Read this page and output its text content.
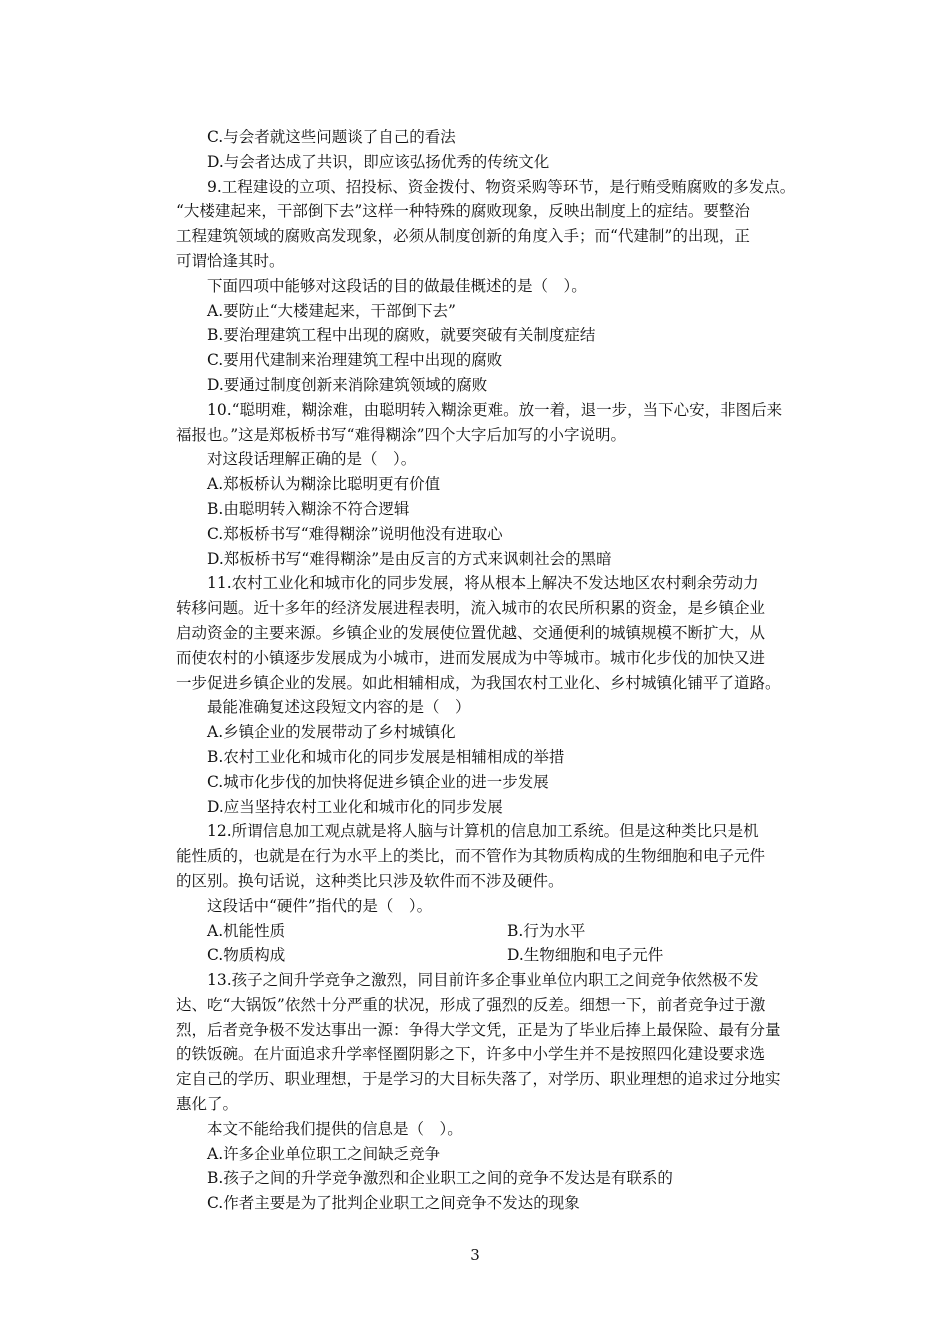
C.与会者就这些问题谈了自己的看法
D.与会者达成了共识，即应该弘扬优秀的传统文化
9.工程建设的立项、招投标、资金拨付、物资采购等环节，是行贿受贿腐败的多发点。
“大楼建起来，干部倒下去”这样一种特殊的腐败现象，反映出制度上的症结。要整治
工程建筑领域的腐败高发现象，必须从制度创新的角度入手；而“代建制”的出现，正
可谓恰逢其时。
下面四项中能够对这段话的目的做最佳概述的是（　）。
A.要防止“大楼建起来，干部倒下去”
B.要治理建筑工程中出现的腐败，就要突破有关制度症结
C.要用代建制来治理建筑工程中出现的腐败
D.要通过制度创新来消除建筑领域的腐败
10.“聪明难，糊涂难，由聪明转入糊涂更难。放一着，退一步，当下心安，非图后来
福报也。”这是郑板桥书写“难得糊涂”四个大字后加写的小字说明。
对这段话理解正确的是（　）。
A.郑板桥认为糊涂比聪明更有价值
B.由聪明转入糊涂不符合逻辑
C.郑板桥书写“难得糊涂”说明他没有进取心
D.郑板桥书写“难得糊涂”是由反言的方式来讽刺社会的黑暗
11.农村工业化和城市化的同步发展，将从根本上解决不发达地区农村剩余劳动力
转移问题。近十多年的经济发展进程表明，流入城市的农民所积累的资金，是乡镇企业
启动资金的主要来源。乡镇企业的发展使位置优越、交通便利的城镇规模不断扩大，从
而使农村的小镇逐步发展成为小城市，进而发展成为中等城市。城市化步伐的加快又进
一步促进乡镇企业的发展。如此相辅相成，为我国农村工业化、乡村城镇化铺平了道路。
最能准确复述这段短文内容的是（　）
A.乡镇企业的发展带动了乡村城镇化
B.农村工业化和城市化的同步发展是相辅相成的举措
C.城市化步伐的加快将促进乡镇企业的进一步发展
D.应当坚持农村工业化和城市化的同步发展
12.所谓信息加工观点就是将人脑与计算机的信息加工系统。但是这种类比只是机
能性质的，也就是在行为水平上的类比，而不管作为其物质构成的生物细胞和电子元件
的区别。换句话说，这种类比只涉及软件而不涉及硬件。
这段话中“硬件”指代的是（　）。
A.机能性质	B.行为水平
C.物质构成	D.生物细胞和电子元件
13.孩子之间升学竞争之激烈，同目前许多企事业单位内职工之间竞争依然极不发
达、吃“大锅饭”依然十分严重的状况，形成了强烈的反差。细想一下，前者竞争过于激
烈，后者竞争极不发达事出一源：争得大学文凭，正是为了毕业后捧上最保险、最有分量
的铁饭碗。在片面追求升学率怪圈阴影之下，许多中小学生并不是按照四化建设要求选
定自己的学历、职业理想，于是学习的大目标失落了，对学历、职业理想的追求过分地实
惠化了。
本文不能给我们提供的信息是（　）。
A.许多企业单位职工之间缺乏竞争
B.孩子之间的升学竞争激烈和企业职工之间的竞争不发达是有联系的
C.作者主要是为了批判企业职工之间竞争不发达的现象
3
